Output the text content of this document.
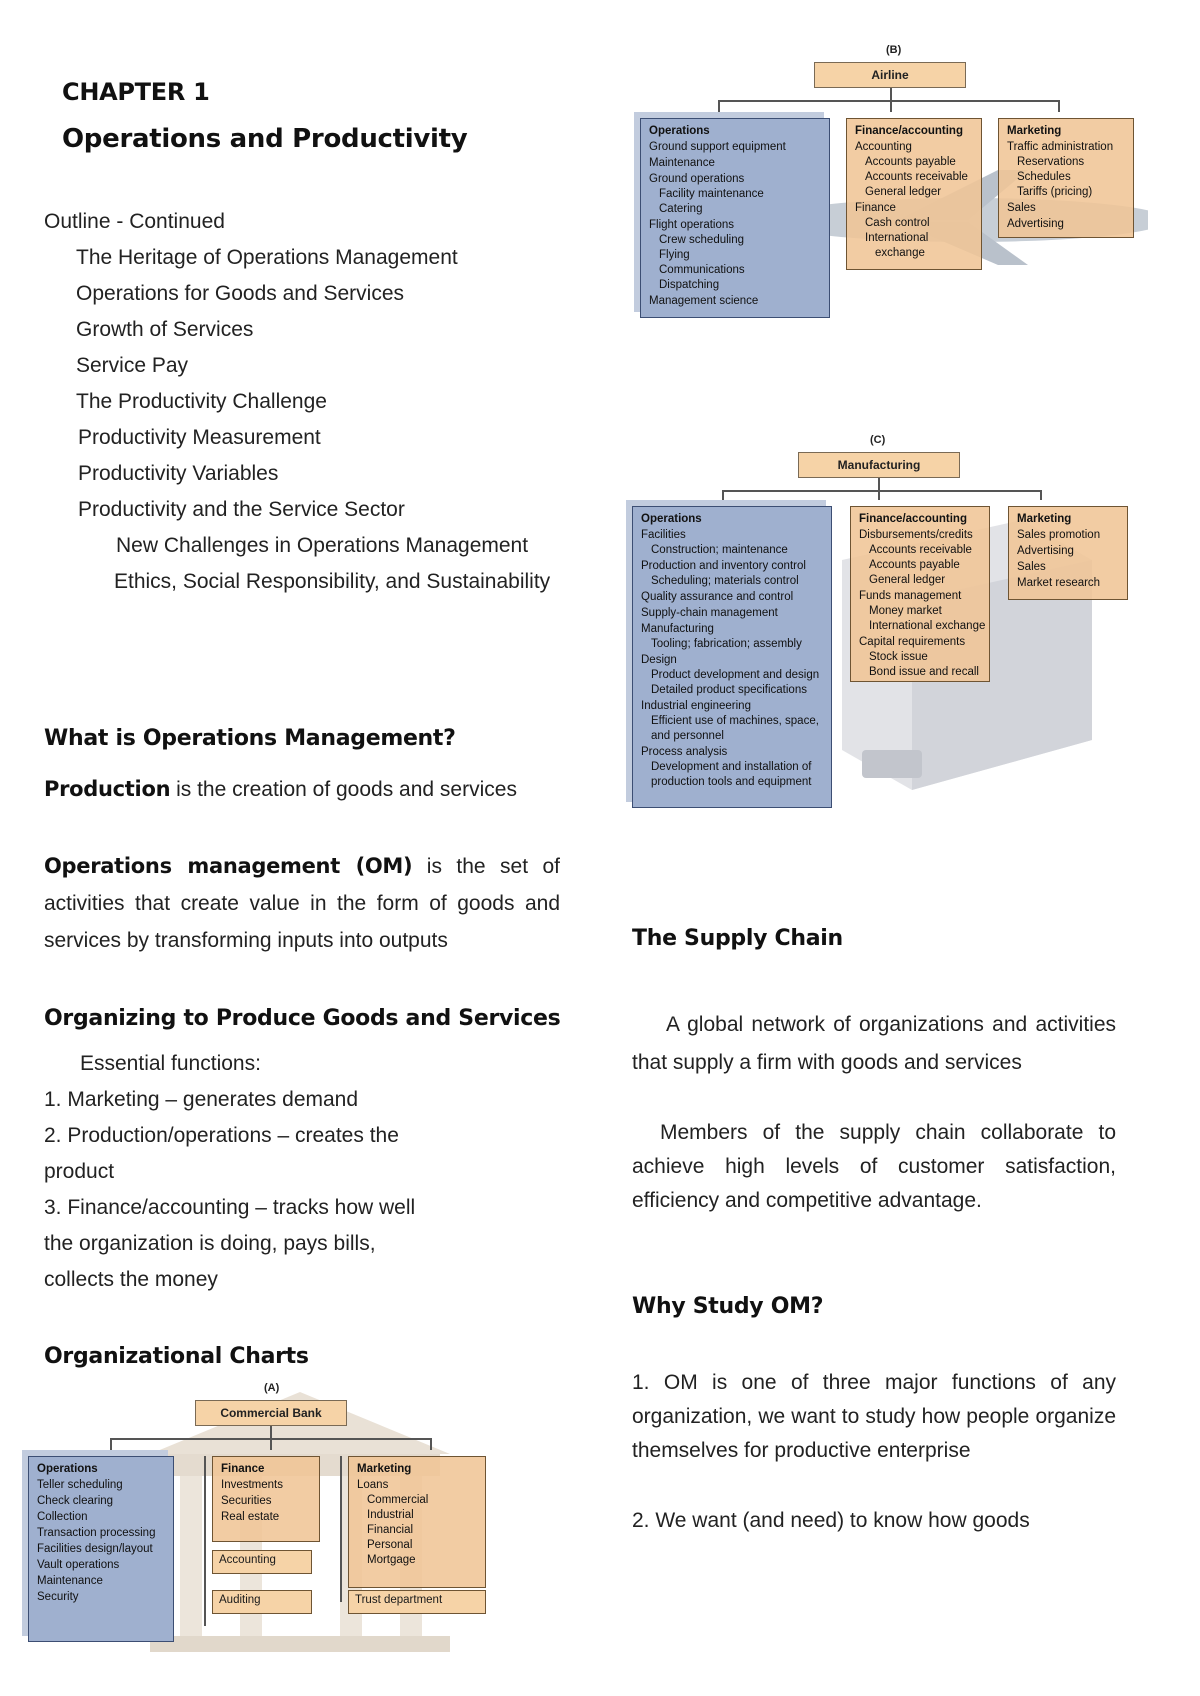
CHAPTER 1
Operations and Productivity
Outline - Continued
The Heritage of Operations Management
Operations for Goods and Services
Growth of Services
Service Pay
The Productivity Challenge
Productivity Measurement
Productivity Variables
Productivity and the Service Sector
New Challenges in Operations Management
Ethics, Social Responsibility, and Sustainability
What is Operations Management?
Production is the creation of goods and services
Operations management (OM) is the set of activities that create value in the form of goods and services by transforming inputs into outputs
Organizing to Produce Goods and Services
Essential functions:
1. Marketing – generates demand
2. Production/operations – creates the product
3. Finance/accounting – tracks how well the organization is doing, pays bills, collects the money
Organizational Charts
(A)
Commercial Bank
Operations
Teller scheduling
Check clearing
Collection
Transaction processing
Facilities design/layout
Vault operations
Maintenance
Security
Finance
Investments
Securities
Real estate
Accounting
Auditing
Marketing
Loans
Commercial
Industrial
Financial
Personal
Mortgage
Trust department
(B)
Airline
Operations
Ground support equipment
Maintenance
Ground operations
Facility maintenance
Catering
Flight operations
Crew scheduling
Flying
Communications
Dispatching
Management science
Finance/accounting
Accounting
Accounts payable
Accounts receivable
General ledger
Finance
Cash control
International
exchange
Marketing
Traffic administration
Reservations
Schedules
Tariffs (pricing)
Sales
Advertising
(C)
Manufacturing
Operations
Facilities
Construction; maintenance
Production and inventory control
Scheduling; materials control
Quality assurance and control
Supply-chain management
Manufacturing
Tooling; fabrication; assembly
Design
Product development and design
Detailed product specifications
Industrial engineering
Efficient use of machines, space,
and personnel
Process analysis
Development and installation of
production tools and equipment
Finance/accounting
Disbursements/credits
Accounts receivable
Accounts payable
General ledger
Funds management
Money market
International exchange
Capital requirements
Stock issue
Bond issue and recall
Marketing
Sales promotion
Advertising
Sales
Market research
The Supply Chain
A global network of organizations and activities that supply a firm with goods and services
Members of the supply chain collaborate to achieve high levels of customer satisfaction, efficiency and competitive advantage.
Why Study OM?
1. OM is one of three major functions of any organization, we want to study how people organize themselves for productive enterprise
2. We want (and need) to know how goods
